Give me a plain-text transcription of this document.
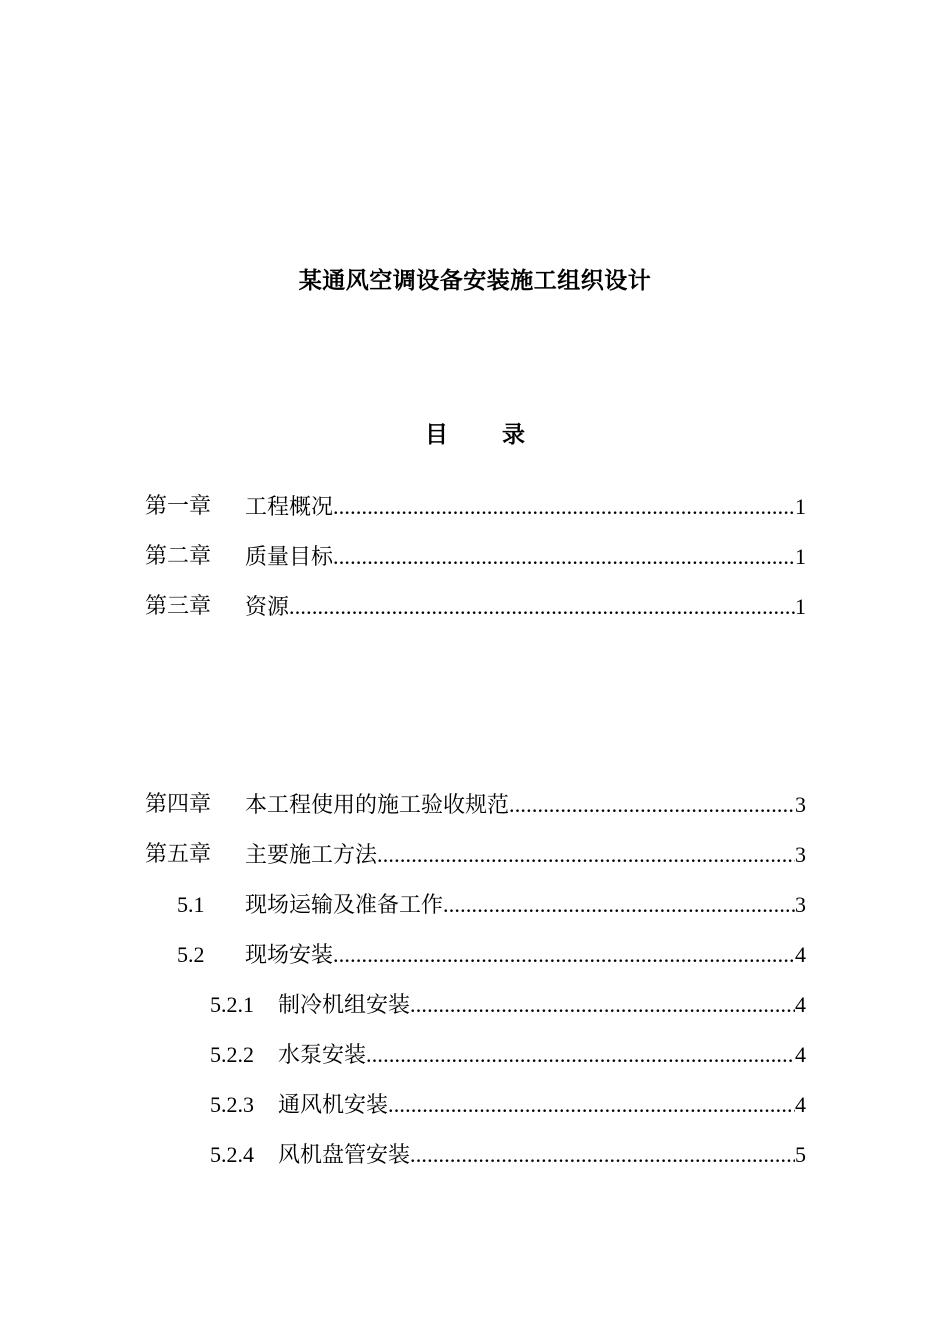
某通风空调设备安装施工组织设计
目 录
第一章 工程概况 .....	1
第二章 质量目标 .....	1
第三章 资源 .....	1
第四章 本工程使用的施工验收规范 .....	3
第五章 主要施工方法 .....	3
5.1 现场运输及准备工作 .....	3
5.2 现场安装 .....	4
5.2.1 制冷机组安装 .....	4
5.2.2 水泵安装 .....	4
5.2.3 通风机安装 .....	4
5.2.4 风机盘管安装 .....	5
